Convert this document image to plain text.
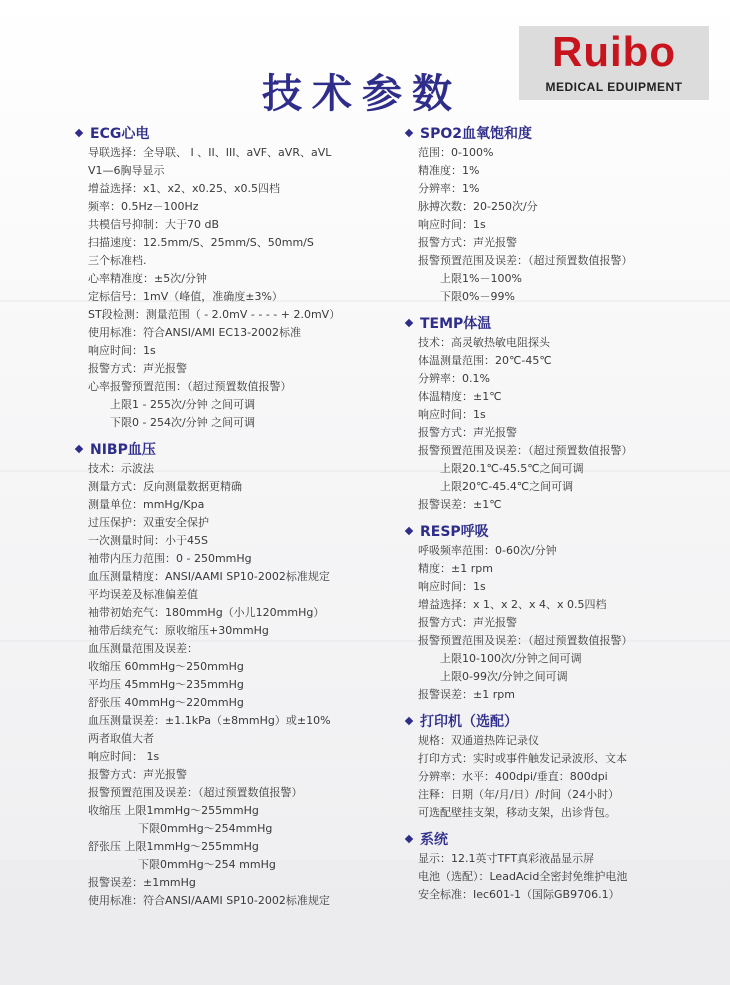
Ruibo
MEDICAL EDUIPMENT
技术参数
ECG心电
导联选择：全导联、 I 、II、III、aVF、aVR、aVL
V1—6胸导显示
增益选择：x1、x2、x0.25、x0.5四档
频率：0.5Hz－100Hz
共模信号抑制：大于70 dB
扫描速度：12.5mm/S、25mm/S、50mm/S
三个标准档.
心率精准度：±5次/分钟
定标信号：1mV（峰值，准确度±3%）
ST段检测：测量范围（ - 2.0mV - - - - + 2.0mV）
使用标准：符合ANSI/AMI EC13-2002标准
响应时间：1s
报警方式：声光报警
心率报警预置范围：（超过预置数值报警）
上限1 - 255次/分钟 之间可调
下限0 - 254次/分钟 之间可调
NIBP血压
技术：示波法
测量方式：反向测量数据更精确
测量单位：mmHg/Kpa
过压保护：双重安全保护
一次测量时间：小于45S
袖带内压力范围：0 - 250mmHg
血压测量精度：ANSI/AAMI SP10-2002标准规定
平均误差及标准偏差值
袖带初始充气：180mmHg（小儿120mmHg）
袖带后续充气：原收缩压+30mmHg
血压测量范围及误差：
收缩压 60mmHg～250mmHg
平均压 45mmHg～235mmHg
舒张压 40mmHg～220mmHg
血压测量误差：±1.1kPa（±8mmHg）或±10%
两者取值大者
响应时间： 1s
报警方式：声光报警
报警预置范围及误差：（超过预置数值报警）
收缩压 上限1mmHg～255mmHg
下限0mmHg～254mmHg
舒张压 上限1mmHg～255mmHg
下限0mmHg～254 mmHg
报警误差：±1mmHg
使用标准：符合ANSI/AAMI SP10-2002标准规定
SPO2血氧饱和度
范围：0-100%
精准度：1%
分辨率：1%
脉搏次数：20-250次/分
响应时间：1s
报警方式：声光报警
报警预置范围及误差：（超过预置数值报警）
上限1%－100%
下限0%－99%
TEMP体温
技术：高灵敏热敏电阻探头
体温测量范围：20℃-45℃
分辨率：0.1%
体温精度：±1℃
响应时间：1s
报警方式：声光报警
报警预置范围及误差：（超过预置数值报警）
上限20.1℃-45.5℃之间可调
上限20℃-45.4℃之间可调
报警误差：±1℃
RESP呼吸
呼吸频率范围：0-60次/分钟
精度：±1 rpm
响应时间：1s
增益选择：x 1、x 2、x 4、x 0.5四档
报警方式：声光报警
报警预置范围及误差：（超过预置数值报警）
上限10-100次/分钟之间可调
上限0-99次/分钟之间可调
报警误差：±1 rpm
打印机（选配）
规格：双通道热阵记录仪
打印方式：实时或事件触发记录波形、文本
分辨率：水平：400dpi/垂直：800dpi
注释：日期（年/月/日）/时间（24小时）
可选配壁挂支架，移动支架，出诊背包。
系统
显示：12.1英寸TFT真彩液晶显示屏
电池（选配）：LeadAcid全密封免维护电池
安全标准：Iec601-1（国际GB9706.1）
